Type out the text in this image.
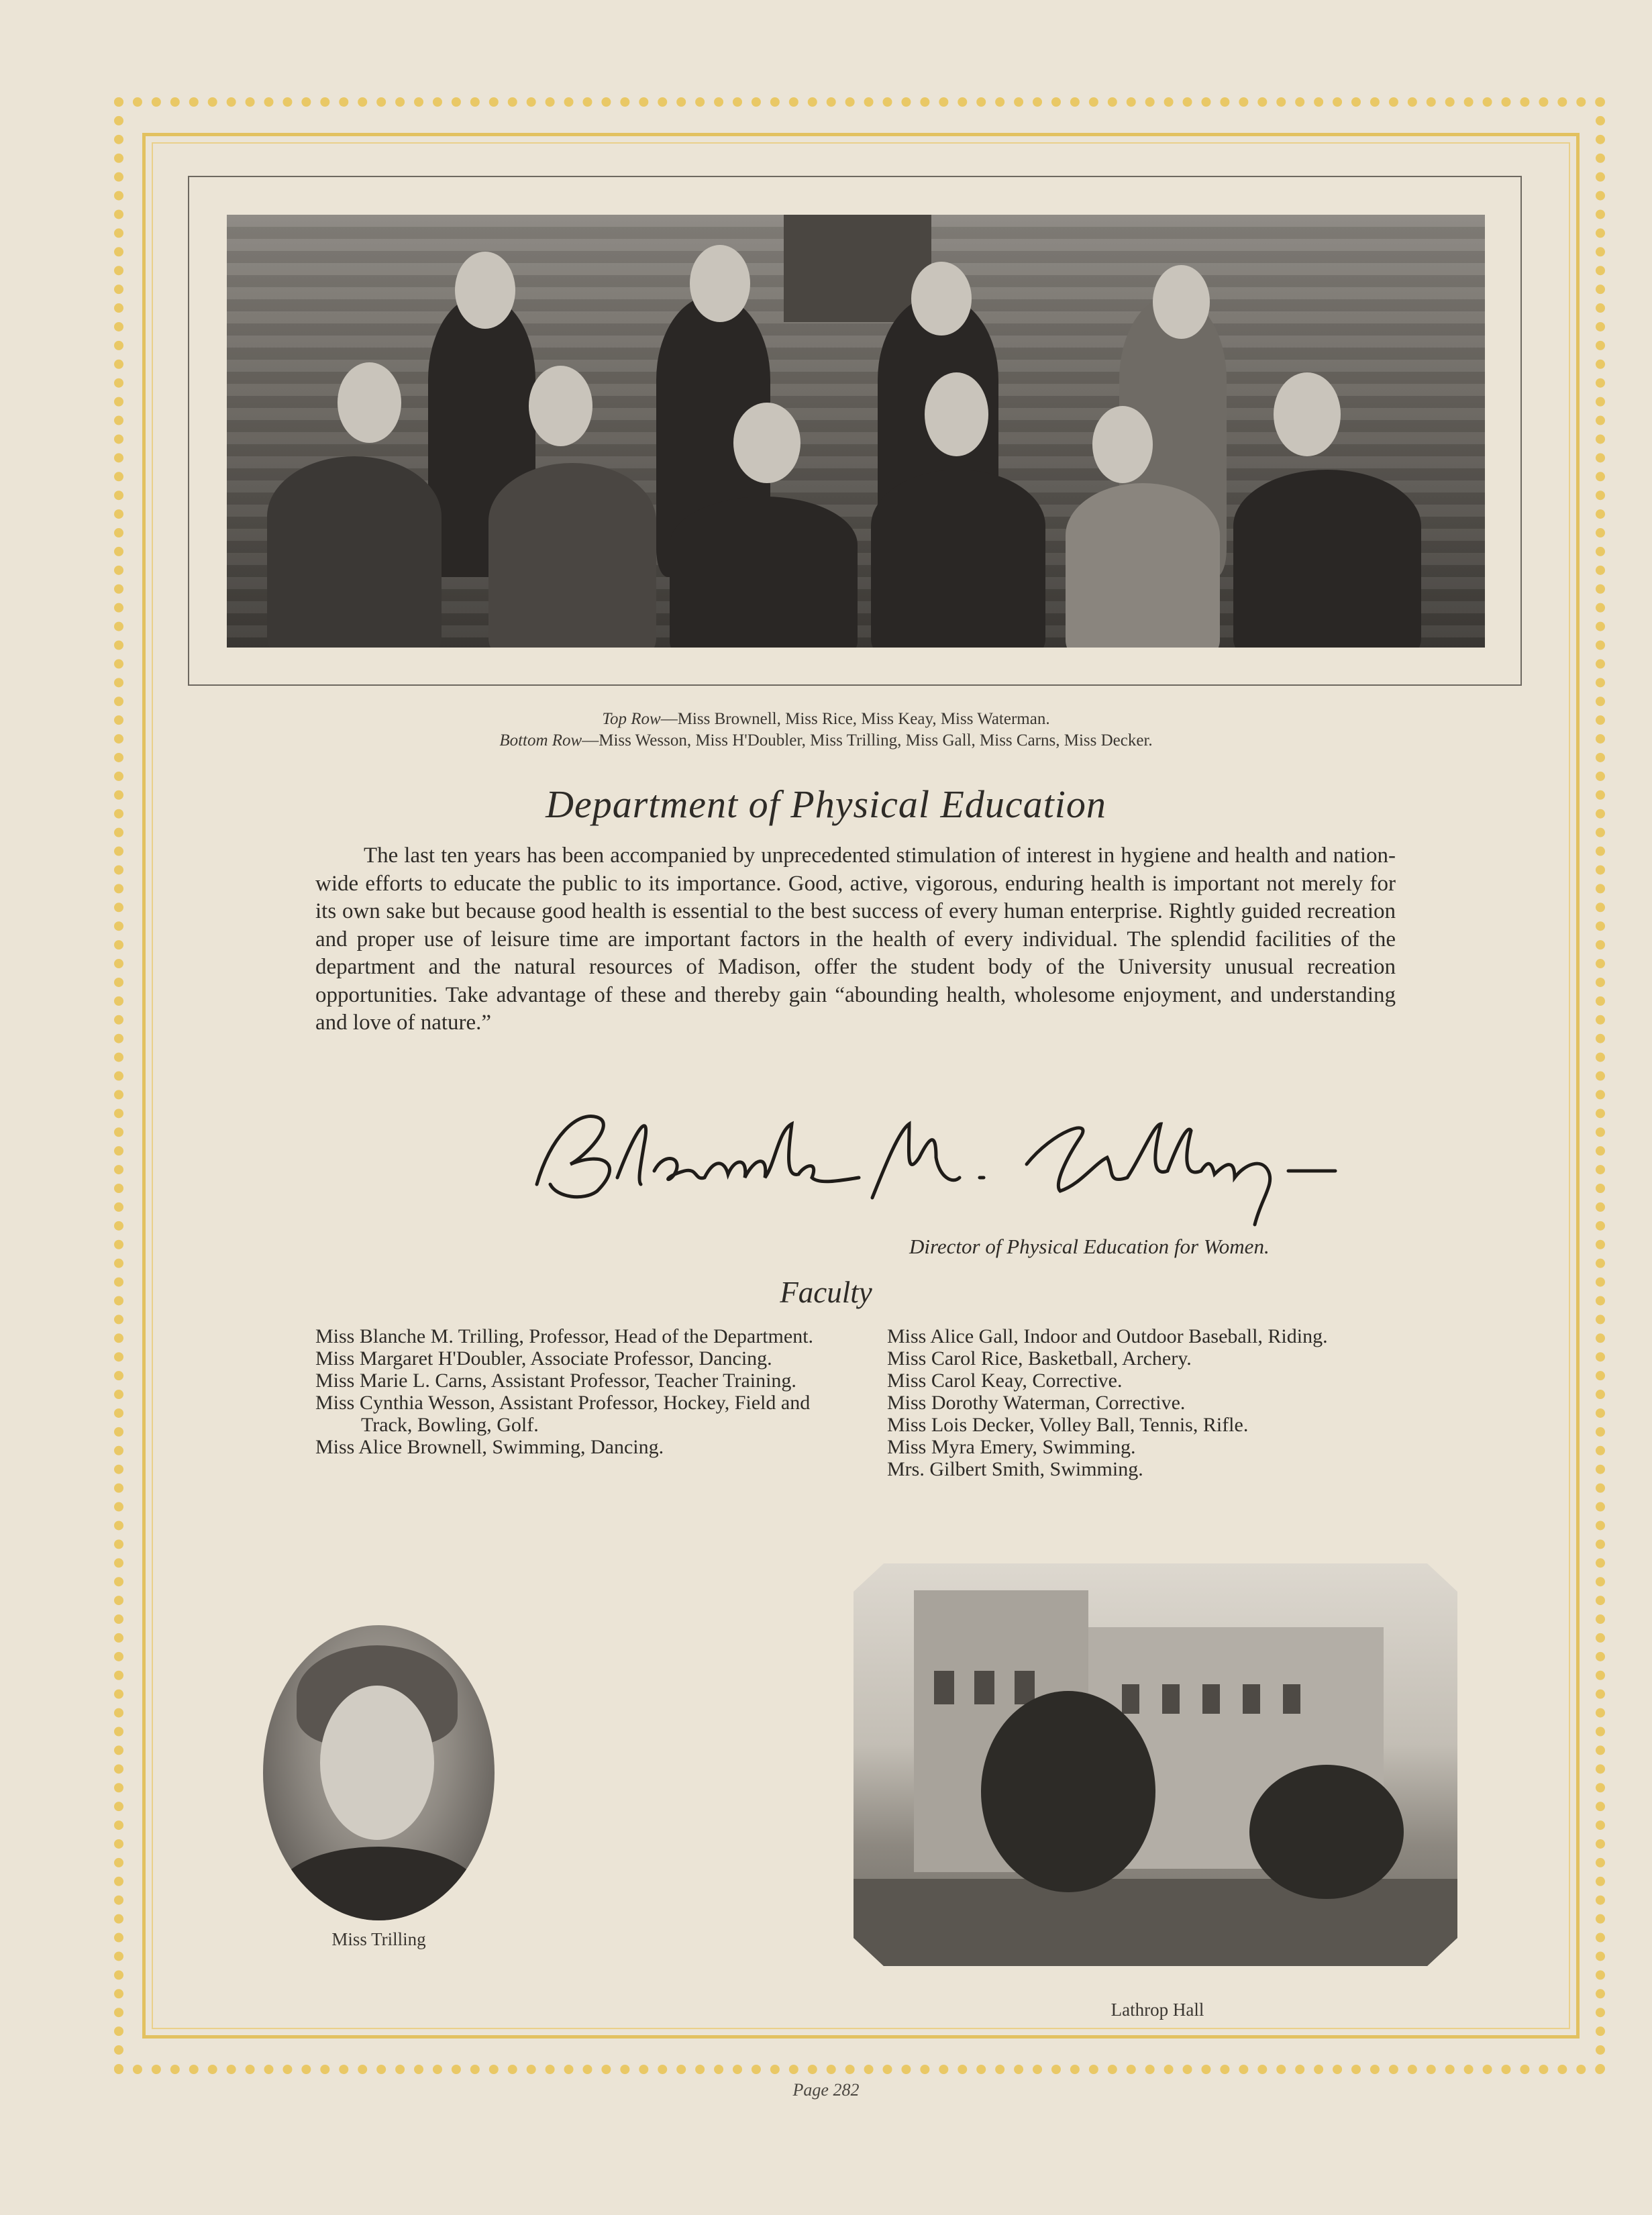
Top Row—Miss Brownell, Miss Rice, Miss Keay, Miss Waterman.
Bottom Row—Miss Wesson, Miss H'Doubler, Miss Trilling, Miss Gall, Miss Carns, Miss Decker.
Department of Physical Education
The last ten years has been accompanied by unprecedented stimulation of interest in hygiene and health and nation-wide efforts to educate the public to its importance. Good, active, vigorous, enduring health is important not merely for its own sake but because good health is essential to the best success of every human enterprise. Rightly guided recreation and proper use of leisure time are important factors in the health of every individual. The splendid facilities of the department and the natural resources of Madison, offer the student body of the University unusual recreation opportunities. Take advantage of these and thereby gain “abounding health, wholesome enjoyment, and understanding and love of nature.”
Director of Physical Education for Women.
Faculty
Miss Blanche M. Trilling, Professor, Head of the Department.
Miss Margaret H'Doubler, Associate Professor, Dancing.
Miss Marie L. Carns, Assistant Professor, Teacher Training.
Miss Cynthia Wesson, Assistant Professor, Hockey, Field and Track, Bowling, Golf.
Miss Alice Brownell, Swimming, Dancing.
Miss Alice Gall, Indoor and Outdoor Baseball, Riding.
Miss Carol Rice, Basketball, Archery.
Miss Carol Keay, Corrective.
Miss Dorothy Waterman, Corrective.
Miss Lois Decker, Volley Ball, Tennis, Rifle.
Miss Myra Emery, Swimming.
Mrs. Gilbert Smith, Swimming.
Miss Trilling
Lathrop Hall
Page 282
